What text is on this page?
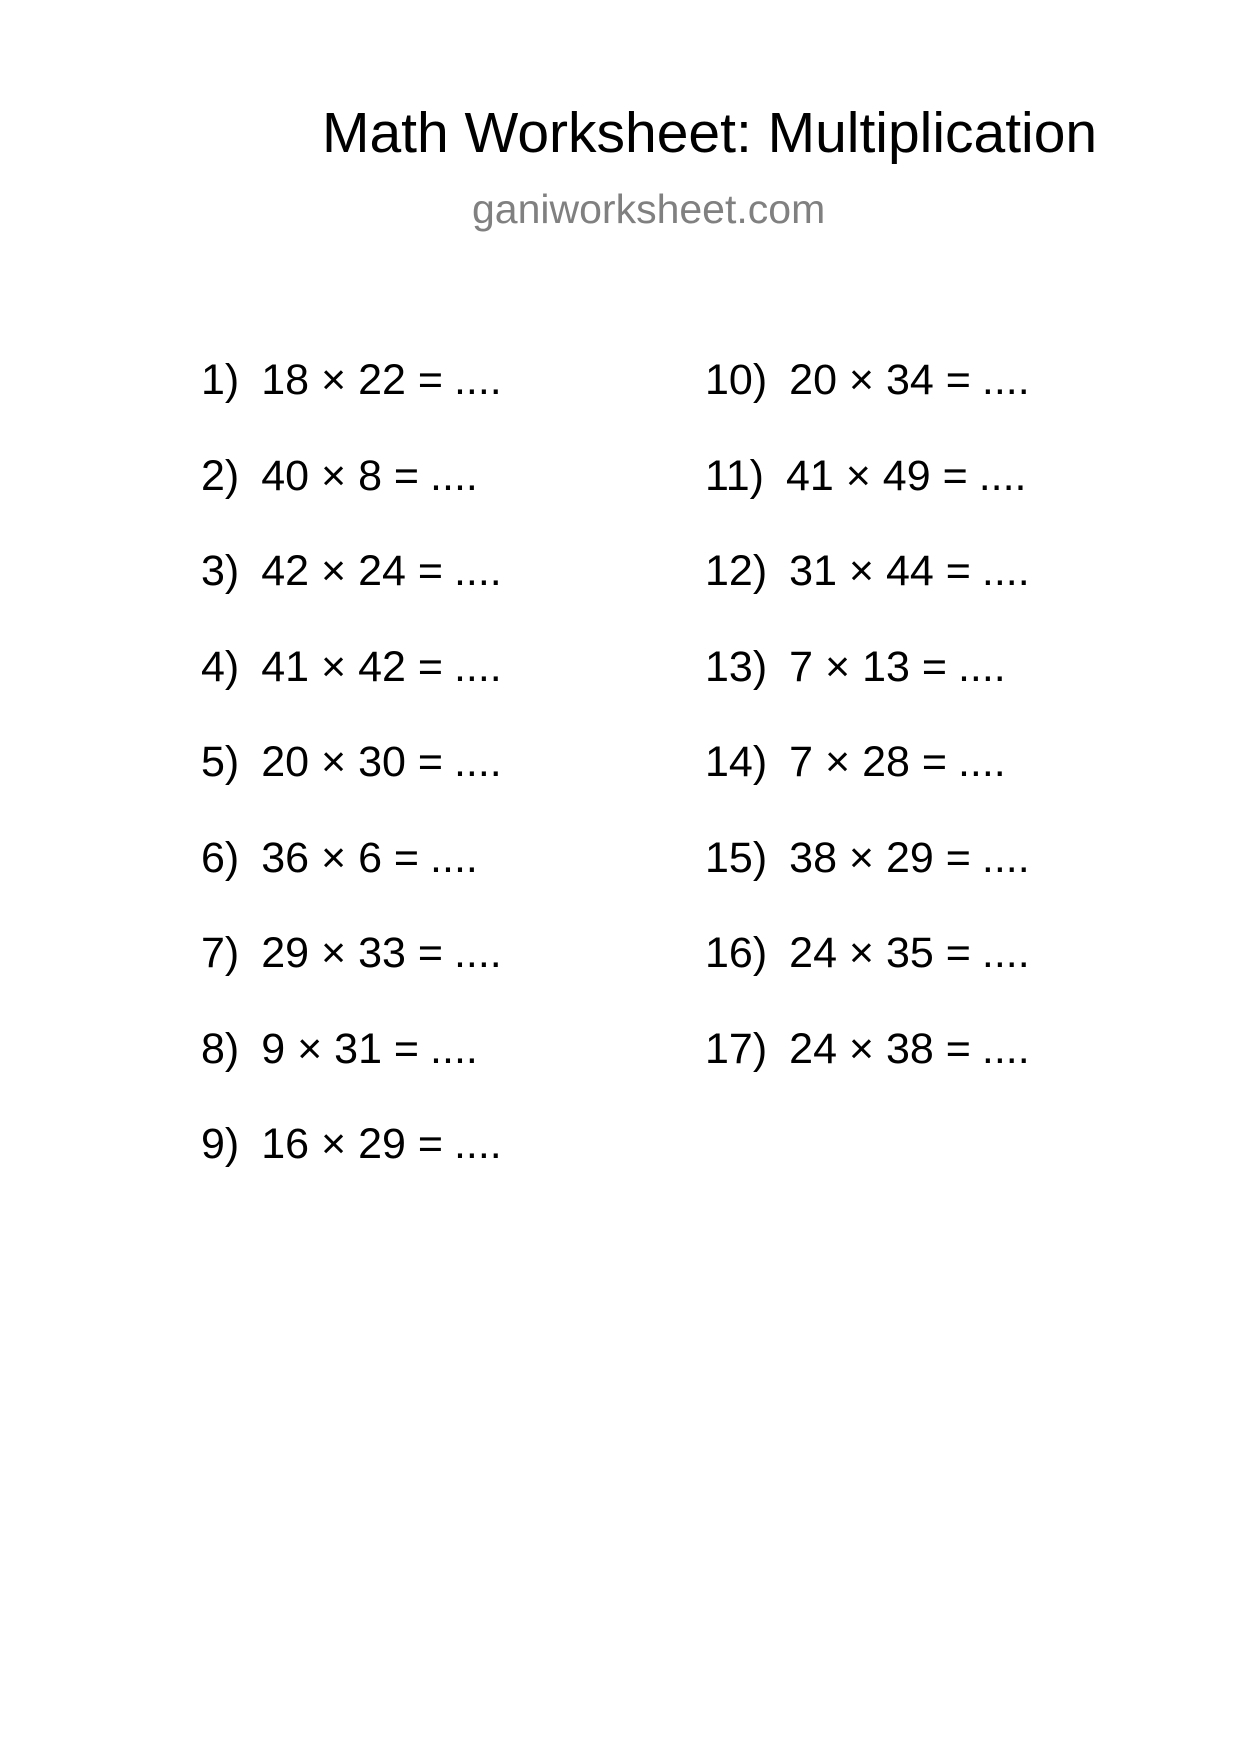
Math Worksheet: Multiplication
ganiworksheet.com
1) 18 × 22 = ....
2) 40 × 8 = ....
3) 42 × 24 = ....
4) 41 × 42 = ....
5) 20 × 30 = ....
6) 36 × 6 = ....
7) 29 × 33 = ....
8) 9 × 31 = ....
9) 16 × 29 = ....
10) 20 × 34 = ....
11) 41 × 49 = ....
12) 31 × 44 = ....
13) 7 × 13 = ....
14) 7 × 28 = ....
15) 38 × 29 = ....
16) 24 × 35 = ....
17) 24 × 38 = ....
